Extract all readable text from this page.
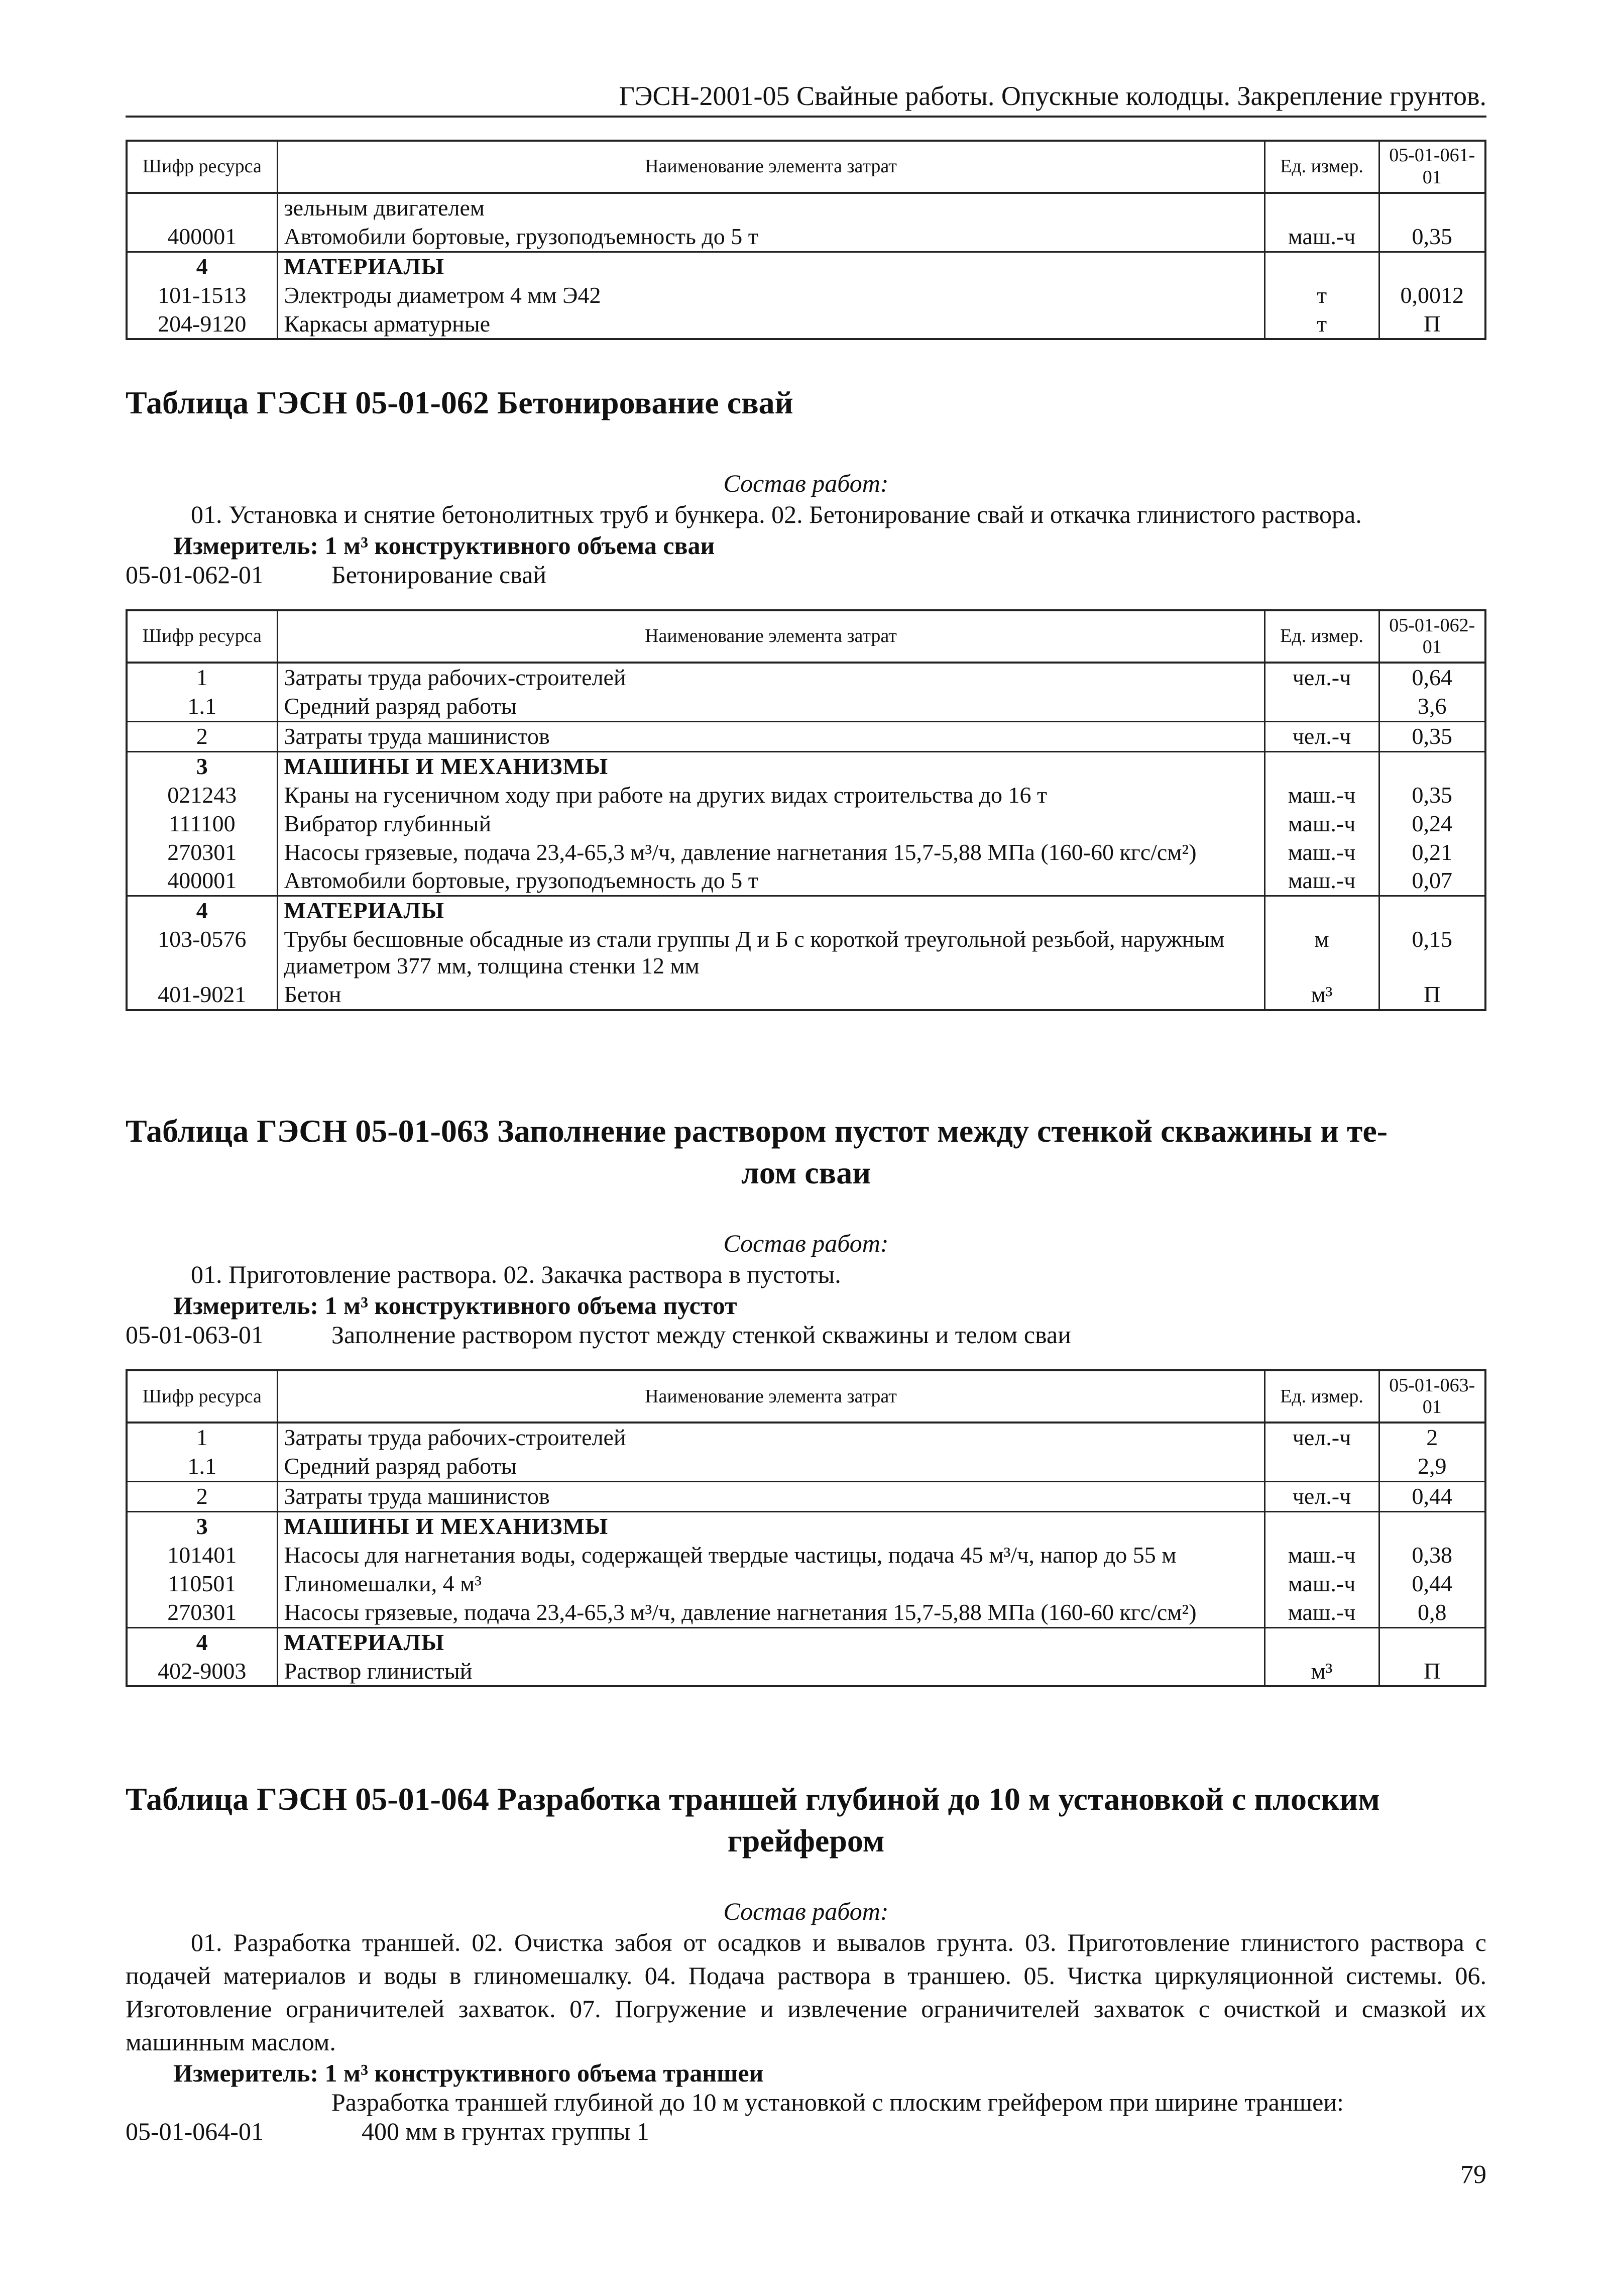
ГЭСН-2001-05 Свайные работы. Опускные колодцы. Закрепление грунтов.
Шифр ресурса	Наименование элемента затрат	Ед. измер.	05-01-061-01
	зельным двигателем		
400001	Автомобили бортовые, грузоподъемность до 5 т	маш.-ч	0,35
4	МАТЕРИАЛЫ		
101-1513	Электроды диаметром 4 мм Э42	т	0,0012
204-9120	Каркасы арматурные	т	П
Таблица ГЭСН 05-01-062 Бетонирование свай
Состав работ:
01. Установка и снятие бетонолитных труб и бункера. 02. Бетонирование свай и откачка глинистого раствора.
Измеритель: 1 м³ конструктивного объема сваи
05-01-062-01	Бетонирование свай
Шифр ресурса	Наименование элемента затрат	Ед. измер.	05-01-062-01
1	Затраты труда рабочих-строителей	чел.-ч	0,64
1.1	Средний разряд работы		3,6
2	Затраты труда машинистов	чел.-ч	0,35
3	МАШИНЫ И МЕХАНИЗМЫ		
021243	Краны на гусеничном ходу при работе на других видах строительства до 16 т	маш.-ч	0,35
111100	Вибратор глубинный	маш.-ч	0,24
270301	Насосы грязевые, подача 23,4-65,3 м³/ч, давление нагнетания 15,7-5,88 МПа (160-60 кгс/см²)	маш.-ч	0,21
400001	Автомобили бортовые, грузоподъемность до 5 т	маш.-ч	0,07
4	МАТЕРИАЛЫ		
103-0576	Трубы бесшовные обсадные из стали группы Д и Б с короткой треугольной резьбой, наружным диаметром 377 мм, толщина стенки 12 мм	м	0,15
401-9021	Бетон	м³	П
Таблица ГЭСН 05-01-063 Заполнение раствором пустот между стенкой скважины и те-
лом сваи
Состав работ:
01. Приготовление раствора. 02. Закачка раствора в пустоты.
Измеритель: 1 м³ конструктивного объема пустот
05-01-063-01	Заполнение раствором пустот между стенкой скважины и телом сваи
Шифр ресурса	Наименование элемента затрат	Ед. измер.	05-01-063-01
1	Затраты труда рабочих-строителей	чел.-ч	2
1.1	Средний разряд работы		2,9
2	Затраты труда машинистов	чел.-ч	0,44
3	МАШИНЫ И МЕХАНИЗМЫ		
101401	Насосы для нагнетания воды, содержащей твердые частицы, подача 45 м³/ч, напор до 55 м	маш.-ч	0,38
110501	Глиномешалки, 4 м³	маш.-ч	0,44
270301	Насосы грязевые, подача 23,4-65,3 м³/ч, давление нагнетания 15,7-5,88 МПа (160-60 кгс/см²)	маш.-ч	0,8
4	МАТЕРИАЛЫ		
402-9003	Раствор глинистый	м³	П
Таблица ГЭСН 05-01-064 Разработка траншей глубиной до 10 м установкой с плоским
грейфером
Состав работ:
01. Разработка траншей. 02. Очистка забоя от осадков и вывалов грунта. 03. Приготовление глинистого раствора с подачей материалов и воды в глиномешалку. 04. Подача раствора в траншею. 05. Чистка циркуляционной системы. 06. Изготовление ограничителей захваток. 07. Погружение и извлечение ограничителей захваток с очисткой и смазкой их машинным маслом.
Измеритель: 1 м³ конструктивного объема траншеи
Разработка траншей глубиной до 10 м установкой с плоским грейфером при ширине траншеи:
05-01-064-01	400 мм в грунтах группы 1
79
